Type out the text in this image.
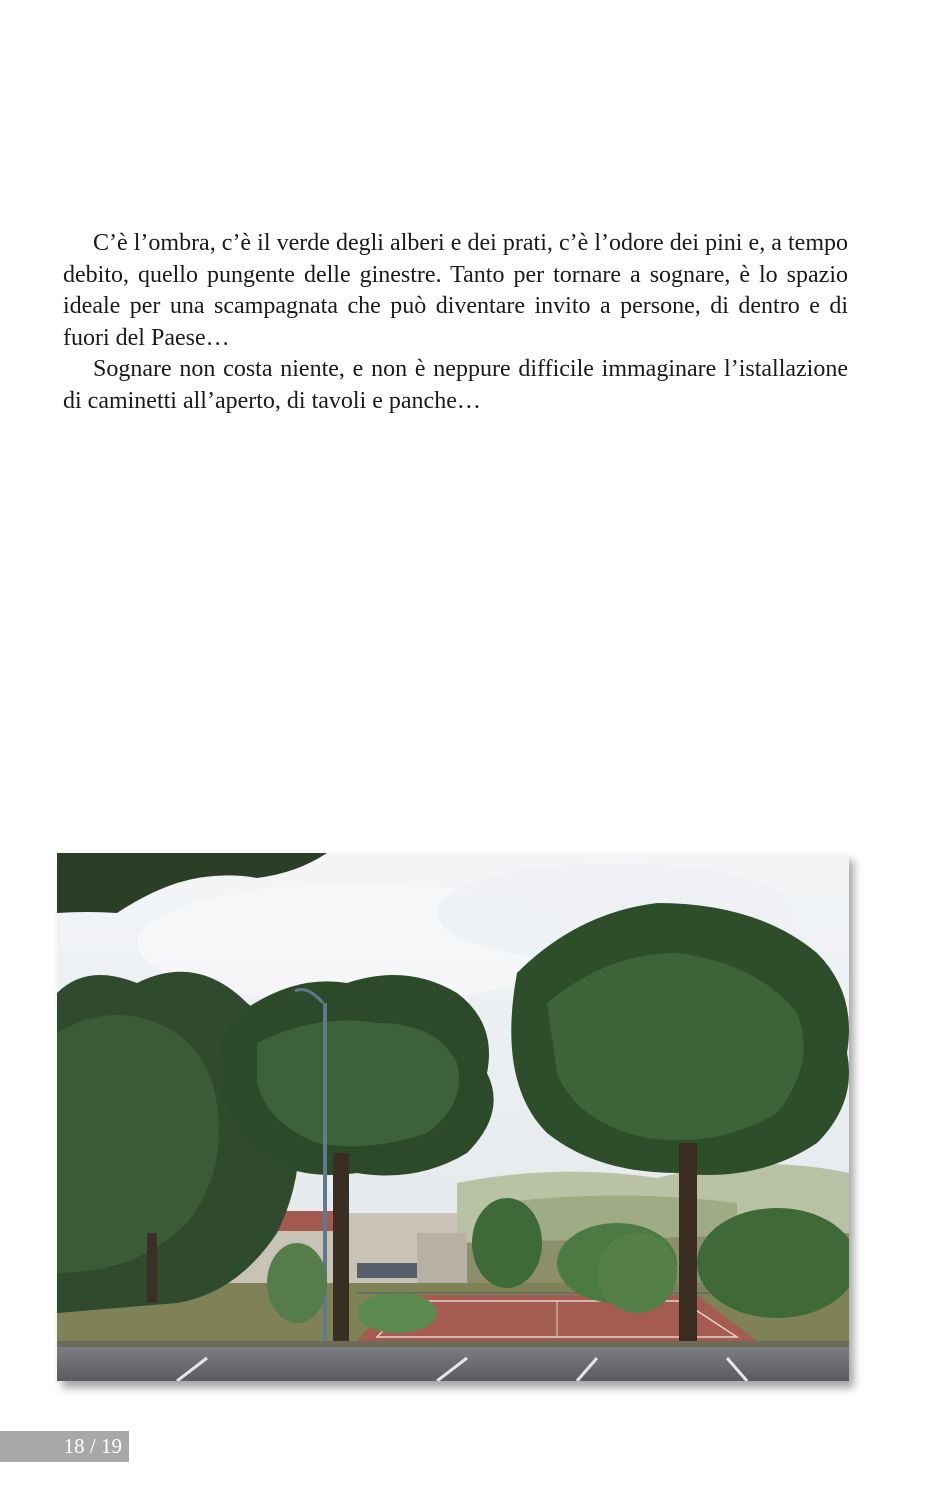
C’è l’ombra, c’è il verde degli alberi e dei prati, c’è l’odore dei pini e, a tempo debito, quello pungente delle ginestre. Tanto per tornare a sognare, è lo spazio ideale per una scampagnata che può diventare invito a persone, di dentro e di fuori del Paese…

Sognare non costa niente, e non è neppure difficile immaginare l’istallazione di caminetti all’aperto, di tavoli e panche…

18 / 19
